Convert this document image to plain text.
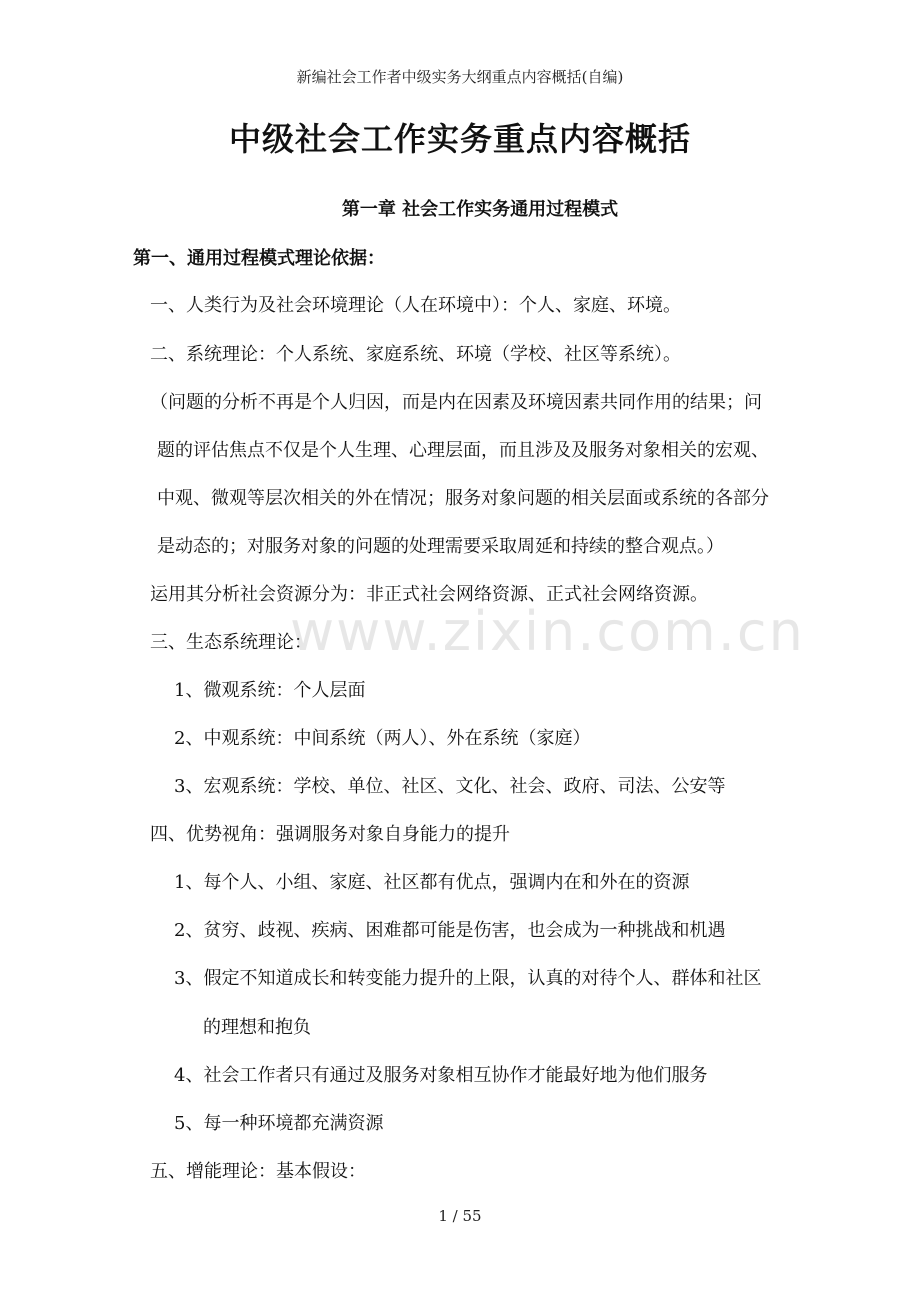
新编社会工作者中级实务大纲重点内容概括(自编)
中级社会工作实务重点内容概括
第一章 社会工作实务通用过程模式
第一、通用过程模式理论依据：
一、人类行为及社会环境理论（人在环境中）：个人、家庭、环境。
二、系统理论：个人系统、家庭系统、环境（学校、社区等系统）。
（问题的分析不再是个人归因，而是内在因素及环境因素共同作用的结果；问
题的评估焦点不仅是个人生理、心理层面，而且涉及及服务对象相关的宏观、
中观、微观等层次相关的外在情况；服务对象问题的相关层面或系统的各部分
是动态的；对服务对象的问题的处理需要采取周延和持续的整合观点。）
运用其分析社会资源分为：非正式社会网络资源、正式社会网络资源。
三、生态系统理论：
1、微观系统：个人层面
2、中观系统：中间系统（两人）、外在系统（家庭）
3、宏观系统：学校、单位、社区、文化、社会、政府、司法、公安等
四、优势视角：强调服务对象自身能力的提升
1、每个人、小组、家庭、社区都有优点，强调内在和外在的资源
2、贫穷、歧视、疾病、困难都可能是伤害，也会成为一种挑战和机遇
3、假定不知道成长和转变能力提升的上限，认真的对待个人、群体和社区
的理想和抱负
4、社会工作者只有通过及服务对象相互协作才能最好地为他们服务
5、每一种环境都充满资源
五、增能理论：基本假设：
www.zixin.com.cn
1 / 55
